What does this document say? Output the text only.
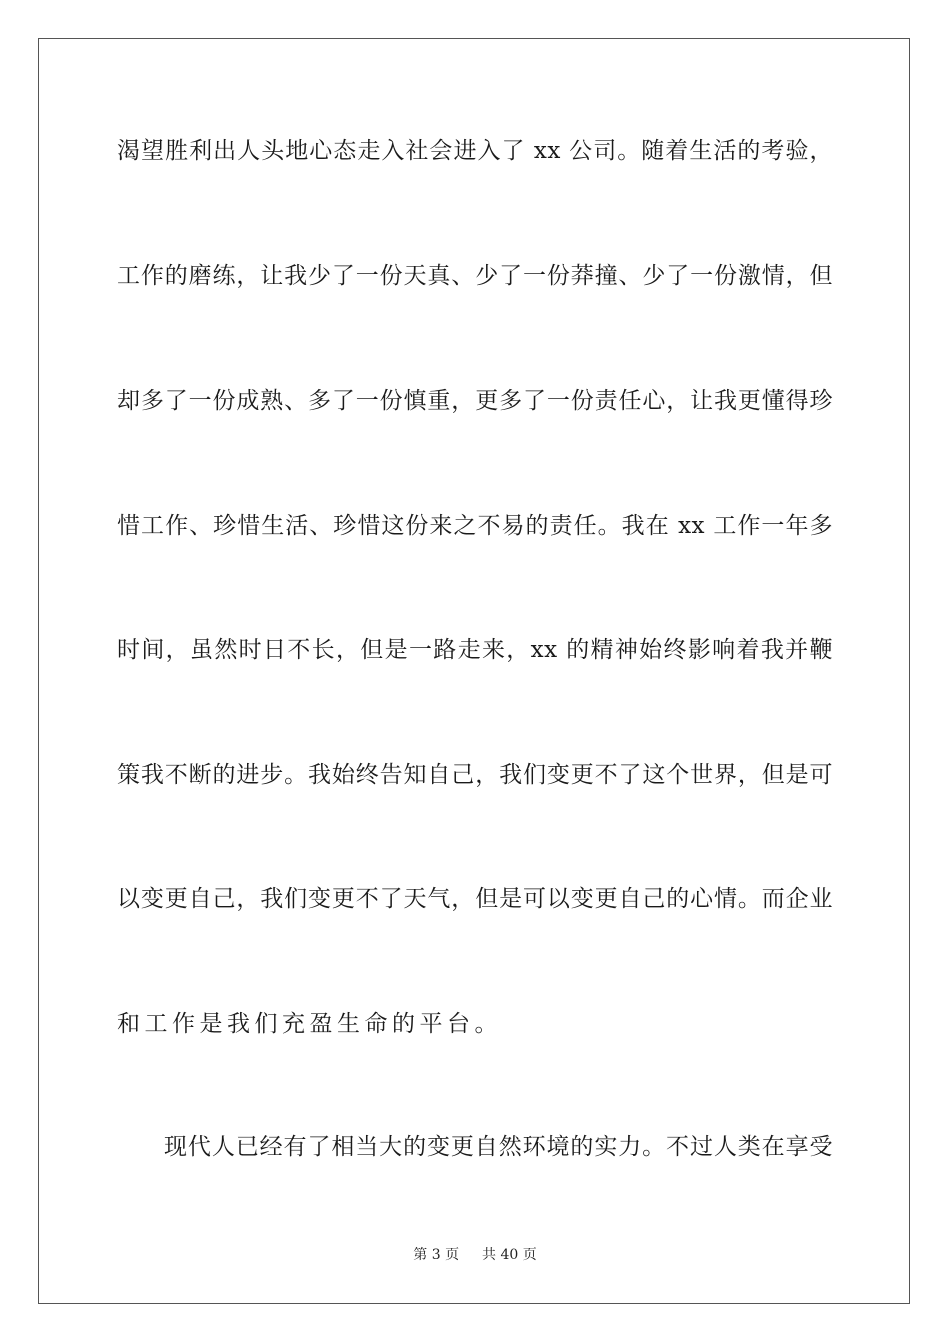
渴望胜利出人头地心态走入社会进入了 xx 公司。随着生活的考验，
工作的磨练，让我少了一份天真、少了一份莽撞、少了一份激情，但
却多了一份成熟、多了一份慎重，更多了一份责任心，让我更懂得珍
惜工作、珍惜生活、珍惜这份来之不易的责任。我在 xx 工作一年多
时间，虽然时日不长，但是一路走来，xx 的精神始终影响着我并鞭
策我不断的进步。我始终告知自己，我们变更不了这个世界，但是可
以变更自己，我们变更不了天气，但是可以变更自己的心情。而企业
和工作是我们充盈生命的平台。
现代人已经有了相当大的变更自然环境的实力。不过人类在享受
第 3 页 共 40 页
